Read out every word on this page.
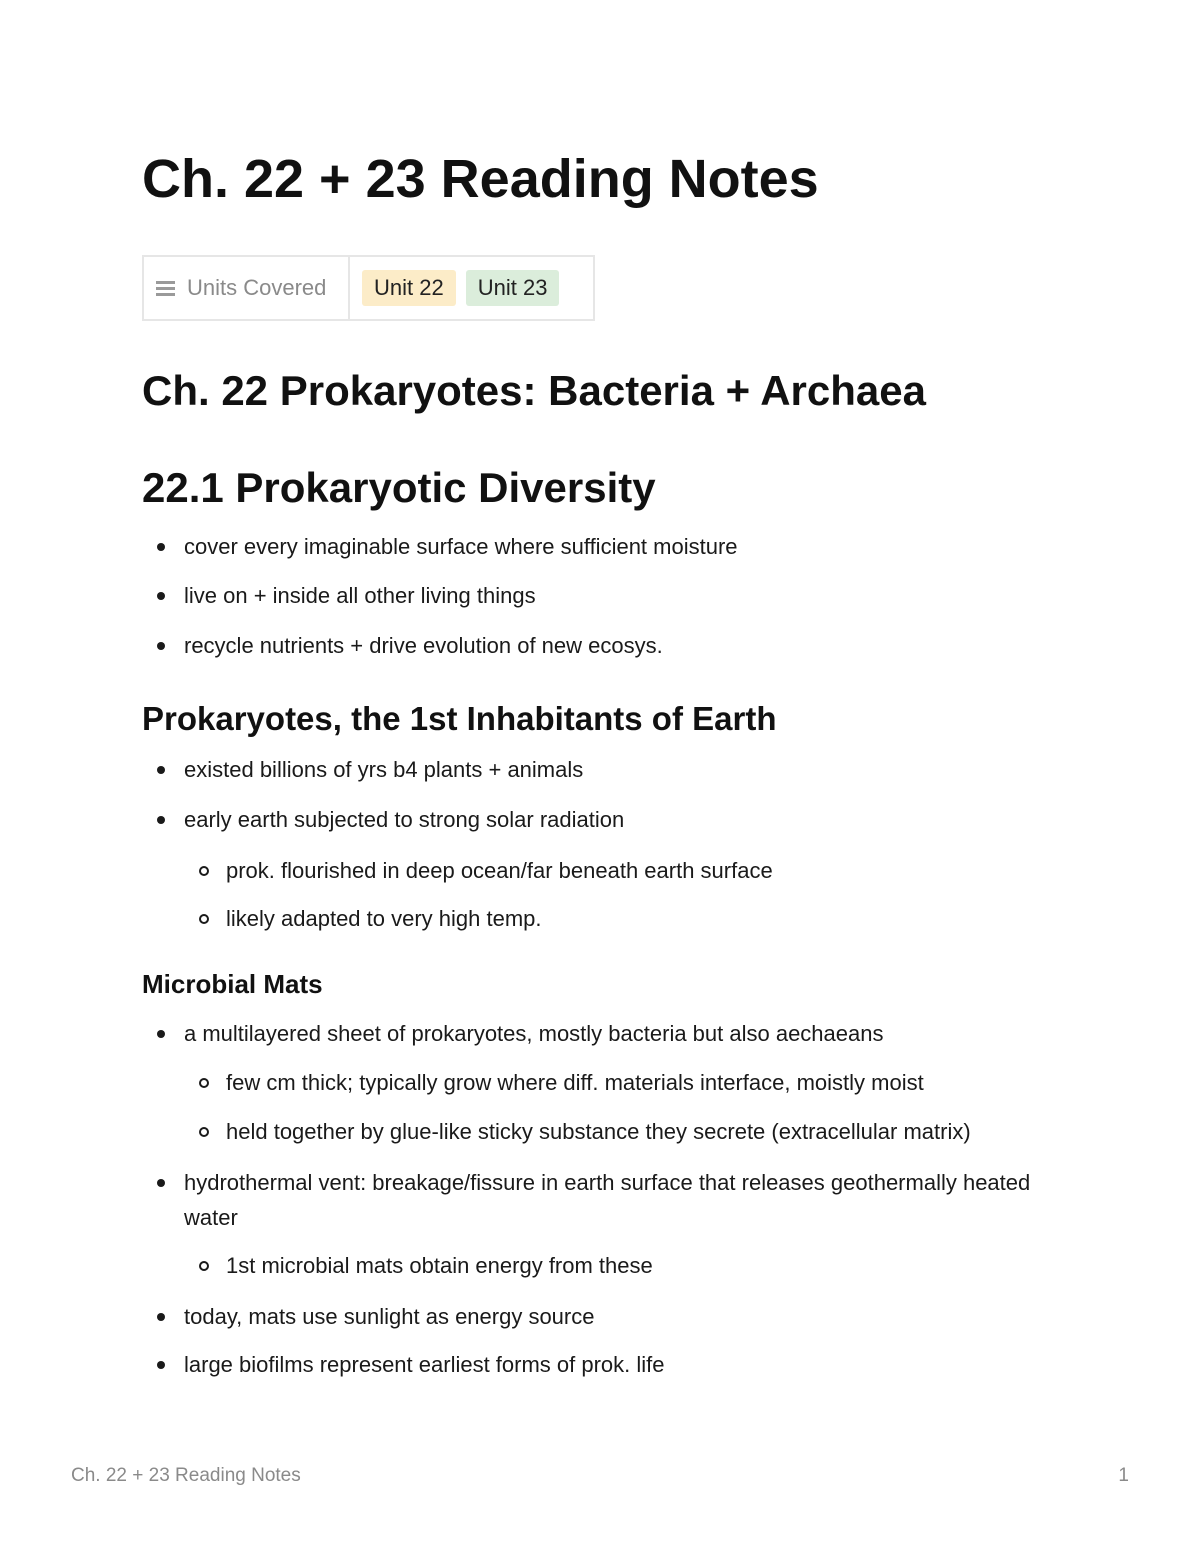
Ch. 22 + 23 Reading Notes
Units Covered	Unit 22	Unit 23
Ch. 22 Prokaryotes: Bacteria + Archaea
22.1 Prokaryotic Diversity
cover every imaginable surface where sufficient moisture
live on + inside all other living things
recycle nutrients + drive evolution of new ecosys.
Prokaryotes, the 1st Inhabitants of Earth
existed billions of yrs b4 plants + animals
early earth subjected to strong solar radiation
prok. flourished in deep ocean/far beneath earth surface
likely adapted to very high temp.
Microbial Mats
a multilayered sheet of prokaryotes, mostly bacteria but also aechaeans
few cm thick; typically grow where diff. materials interface, moistly moist
held together by glue-like sticky substance they secrete (extracellular matrix)
hydrothermal vent: breakage/fissure in earth surface that releases geothermally heated water
1st microbial mats obtain energy from these
today, mats use sunlight as energy source
large biofilms represent earliest forms of prok. life
Ch. 22 + 23 Reading Notes	1
